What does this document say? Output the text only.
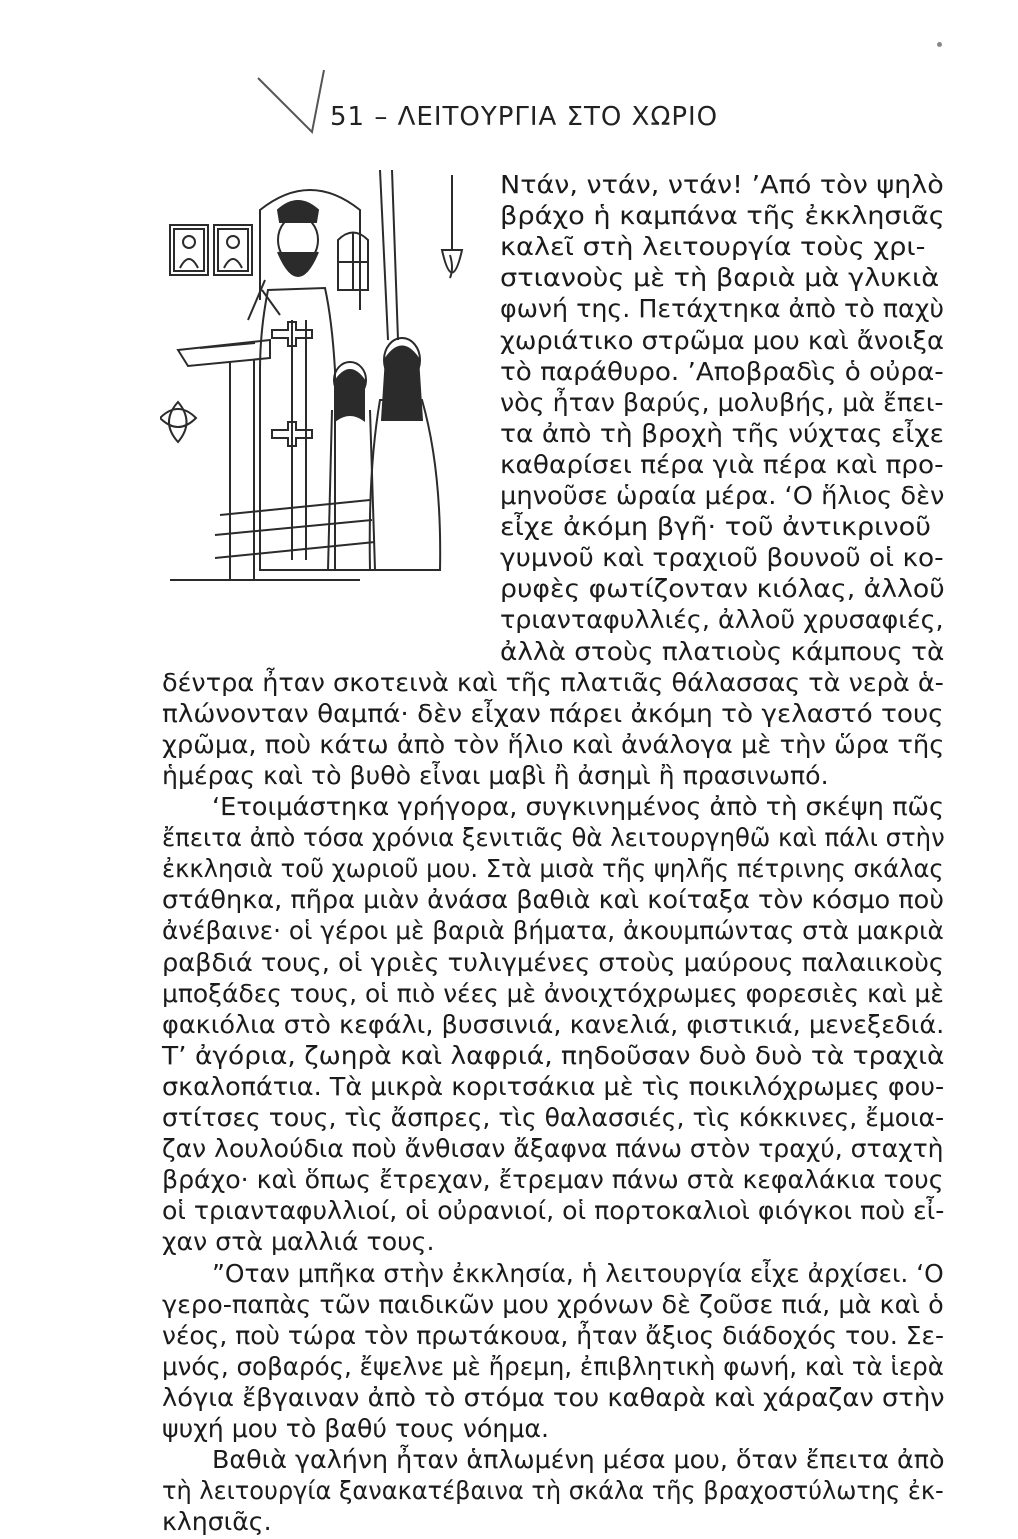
51 – ΛΕΙΤΟΥΡΓΙΑ ΣΤΟ ΧΩΡΙΟ
Ντάν, ντάν, ντάν! ’Από τὸν ψηλὸ
βράχο ἡ καμπάνα τῆς ἐκκλησιᾶς
καλεῖ στὴ λειτουργία τοὺς χρι-
στιανοὺς μὲ τὴ βαριὰ μὰ γλυκιὰ
φωνή της. Πετάχτηκα ἀπὸ τὸ παχὺ
χωριάτικο στρῶμα μου καὶ ἄνοιξα
τὸ παράθυρο. ’Αποβραδὶς ὁ οὐρα-
νὸς ἦταν βαρύς, μολυβής, μὰ ἔπει-
τα ἀπὸ τὴ βροχὴ τῆς νύχτας εἶχε
καθαρίσει πέρα γιὰ πέρα καὶ προ-
μηνοῦσε ὡραία μέρα. ‘Ο ἥλιος δὲν
εἶχε ἀκόμη βγῆ· τοῦ ἀντικρινοῦ
γυμνοῦ καὶ τραχιοῦ βουνοῦ οἱ κο-
ρυφὲς φωτίζονταν κιόλας, ἀλλοῦ
τριανταφυλλιές, ἀλλοῦ χρυσαφιές,
ἀλλὰ στοὺς πλατιοὺς κάμπους τὰ
δέντρα ἦταν σκοτεινὰ καὶ τῆς πλατιᾶς θάλασσας τὰ νερὰ ἁ-
πλώνονταν θαμπά· δὲν εἶχαν πάρει ἀκόμη τὸ γελαστό τους
χρῶμα, ποὺ κάτω ἀπὸ τὸν ἥλιο καὶ ἀνάλογα μὲ τὴν ὥρα τῆς
ἡμέρας καὶ τὸ βυθὸ εἶναι μαβὶ ἢ ἀσημὶ ἢ πρασινωπό.
‘Ετοιμάστηκα γρήγορα, συγκινημένος ἀπὸ τὴ σκέψη πῶς
ἔπειτα ἀπὸ τόσα χρόνια ξενιτιᾶς θὰ λειτουργηθῶ καὶ πάλι στὴν
ἐκκλησιὰ τοῦ χωριοῦ μου. Στὰ μισὰ τῆς ψηλῆς πέτρινης σκάλας
στάθηκα, πῆρα μιὰν ἀνάσα βαθιὰ καὶ κοίταξα τὸν κόσμο ποὺ
ἀνέβαινε· οἱ γέροι μὲ βαριὰ βήματα, ἀκουμπώντας στὰ μακριὰ
ραβδιά τους, οἱ γριὲς τυλιγμένες στοὺς μαύρους παλαιικοὺς
μποξάδες τους, οἱ πιὸ νέες μὲ ἀνοιχτόχρωμες φορεσιὲς καὶ μὲ
φακιόλια στὸ κεφάλι, βυσσινιά, κανελιά, φιστικιά, μενεξεδιά.
Τ’ ἀγόρια, ζωηρὰ καὶ λαφριά, πηδοῦσαν δυὸ δυὸ τὰ τραχιὰ
σκαλοπάτια. Τὰ μικρὰ κοριτσάκια μὲ τὶς ποικιλόχρωμες φου-
στίτσες τους, τὶς ἄσπρες, τὶς θαλασσιές, τὶς κόκκινες, ἔμοια-
ζαν λουλούδια ποὺ ἄνθισαν ἄξαφνα πάνω στὸν τραχύ, σταχτὴ
βράχο· καὶ ὅπως ἔτρεχαν, ἔτρεμαν πάνω στὰ κεφαλάκια τους
οἱ τριανταφυλλιοί, οἱ οὐρανιοί, οἱ πορτοκαλιοὶ φιόγκοι ποὺ εἶ-
χαν στὰ μαλλιά τους.
”Οταν μπῆκα στὴν ἐκκλησία, ἡ λειτουργία εἶχε ἀρχίσει. ‘Ο
γερο-παπὰς τῶν παιδικῶν μου χρόνων δὲ ζοῦσε πιά, μὰ καὶ ὁ
νέος, ποὺ τώρα τὸν πρωτάκουα, ἦταν ἄξιος διάδοχός του. Σε-
μνός, σοβαρός, ἔψελνε μὲ ἤρεμη, ἐπιβλητικὴ φωνή, καὶ τὰ ἱερὰ
λόγια ἔβγαιναν ἀπὸ τὸ στόμα του καθαρὰ καὶ χάραζαν στὴν
ψυχή μου τὸ βαθύ τους νόημα.
Βαθιὰ γαλήνη ἦταν ἁπλωμένη μέσα μου, ὅταν ἔπειτα ἀπὸ
τὴ λειτουργία ξανακατέβαινα τὴ σκάλα τῆς βραχοστύλωτης ἐκ-
κλησιᾶς.
